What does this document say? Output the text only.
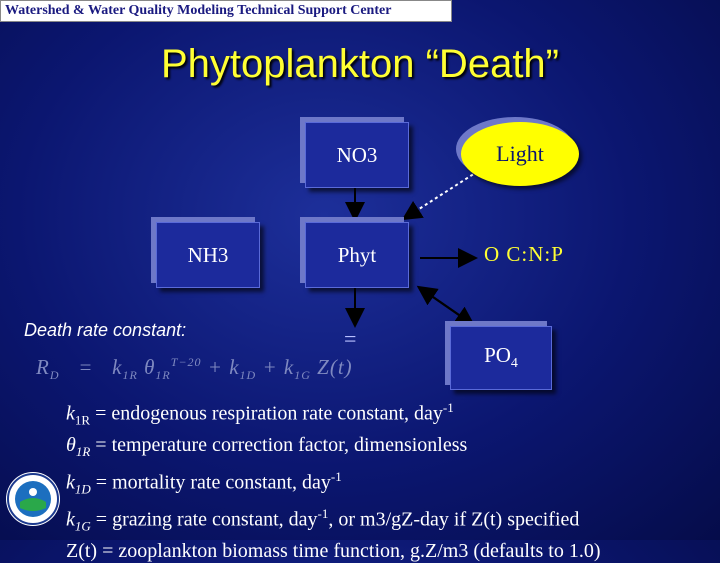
Watershed & Water Quality Modeling Technical Support Center
Phytoplankton “Death”
NO3	Light
NH3	Phyt	O C:N:P
$PO_4$
Death rate constant:	=
$R_D = k_{1R}$ $\theta_{1R}^{T-20} + k_{1D} + k_{1G}$ Z(t)
$k_{1R}$ = endogenous respiration rate constant, day$^{-1}$
$\theta_{1R}$ = temperature correction factor, dimensionless
$k_{1D}$ = mortality rate constant, day$^{-1}$
$k_{1G}$ = grazing rate constant, day$^{-1}$, or m3/gZ-day if Z(t) specified
Z(t) = zooplankton biomass time function, g.Z/m3 (defaults to 1.0)
